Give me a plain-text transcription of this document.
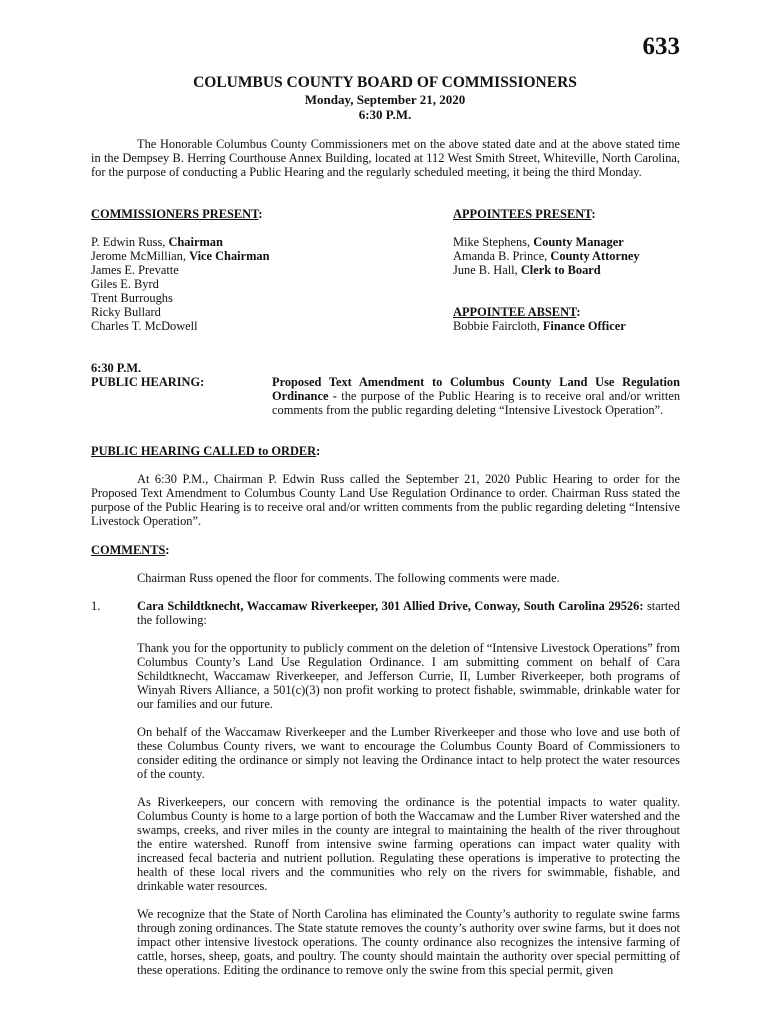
633
COLUMBUS COUNTY BOARD OF COMMISSIONERS
Monday, September 21, 2020
6:30 P.M.

The Honorable Columbus County Commissioners met on the above stated date and at the above stated time in the Dempsey B. Herring Courthouse Annex Building, located at 112 West Smith Street, Whiteville, North Carolina, for the purpose of conducting a Public Hearing and the regularly scheduled meeting, it being the third Monday.

COMMISSIONERS PRESENT:
P. Edwin Russ, Chairman
Jerome McMillian, Vice Chairman
James E. Prevatte
Giles E. Byrd
Trent Burroughs
Ricky Bullard
Charles T. McDowell
APPOINTEES PRESENT:
Mike Stephens, County Manager
Amanda B. Prince, County Attorney
June B. Hall, Clerk to Board
APPOINTEE ABSENT:
Bobbie Faircloth, Finance Officer
6:30 P.M.
PUBLIC HEARING:	Proposed Text Amendment to Columbus County Land Use Regulation Ordinance - the purpose of the Public Hearing is to receive oral and/or written comments from the public regarding deleting “Intensive Livestock Operation”.
PUBLIC HEARING CALLED to ORDER:

At 6:30 P.M., Chairman P. Edwin Russ called the September 21, 2020 Public Hearing to order for the Proposed Text Amendment to Columbus County Land Use Regulation Ordinance to order. Chairman Russ stated the purpose of the Public Hearing is to receive oral and/or written comments from the public regarding deleting “Intensive Livestock Operation”.

COMMENTS:

Chairman Russ opened the floor for comments. The following comments were made.

1.	Cara Schildtknecht, Waccamaw Riverkeeper, 301 Allied Drive, Conway, South Carolina 29526: started the following:

Thank you for the opportunity to publicly comment on the deletion of “Intensive Livestock Operations” from Columbus County’s Land Use Regulation Ordinance. I am submitting comment on behalf of Cara Schildtknecht, Waccamaw Riverkeeper, and Jefferson Currie, II, Lumber Riverkeeper, both programs of Winyah Rivers Alliance, a 501(c)(3) non profit working to protect fishable, swimmable, drinkable water for our families and our future.

On behalf of the Waccamaw Riverkeeper and the Lumber Riverkeeper and those who love and use both of these Columbus County rivers, we want to encourage the Columbus County Board of Commissioners to consider editing the ordinance or simply not leaving the Ordinance intact to help protect the water resources of the county.

As Riverkeepers, our concern with removing the ordinance is the potential impacts to water quality. Columbus County is home to a large portion of both the Waccamaw and the Lumber River watershed and the swamps, creeks, and river miles in the county are integral to maintaining the health of the river throughout the entire watershed. Runoff from intensive swine farming operations can impact water quality with increased fecal bacteria and nutrient pollution. Regulating these operations is imperative to protecting the health of these local rivers and the communities who rely on the rivers for swimmable, fishable, and drinkable water resources.

We recognize that the State of North Carolina has eliminated the County’s authority to regulate swine farms through zoning ordinances. The State statute removes the county’s authority over swine farms, but it does not impact other intensive livestock operations. The county ordinance also recognizes the intensive farming of cattle, horses, sheep, goats, and poultry. The county should maintain the authority over special permitting of these operations. Editing the ordinance to remove only the swine from this special permit, given
